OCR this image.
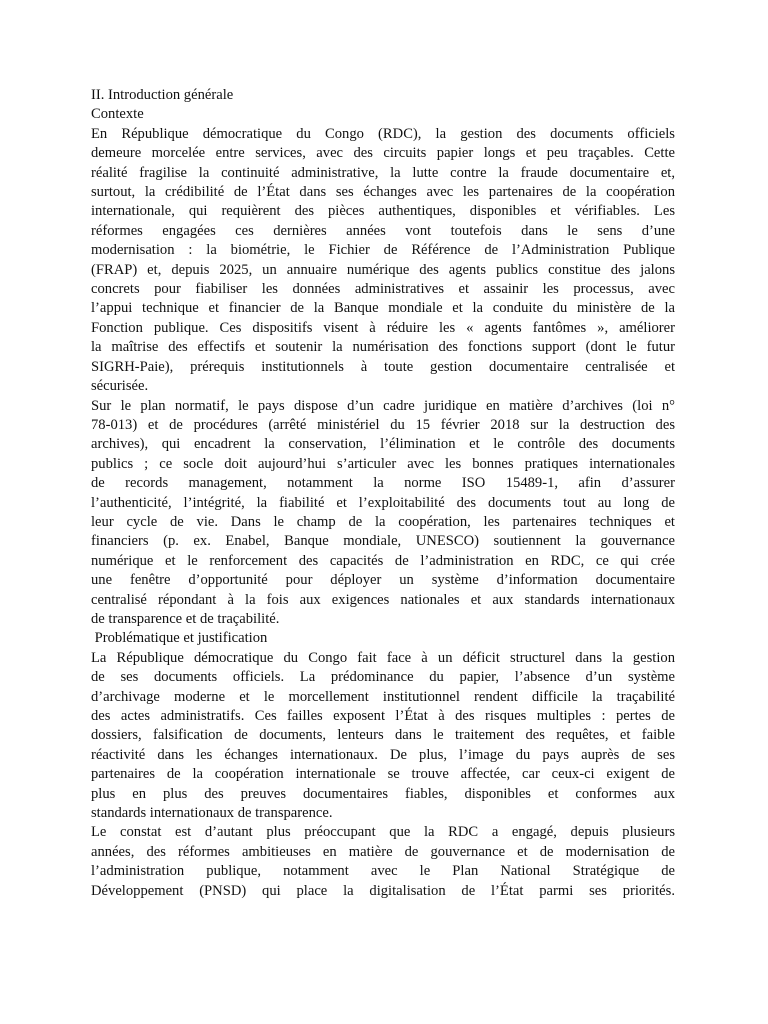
II. Introduction générale
Contexte
En République démocratique du Congo (RDC), la gestion des documents officiels
demeure morcelée entre services, avec des circuits papier longs et peu traçables. Cette
réalité fragilise la continuité administrative, la lutte contre la fraude documentaire et,
surtout, la crédibilité de l’État dans ses échanges avec les partenaires de la coopération
internationale, qui requièrent des pièces authentiques, disponibles et vérifiables. Les
réformes engagées ces dernières années vont toutefois dans le sens d’une
modernisation : la biométrie, le Fichier de Référence de l’Administration Publique
(FRAP) et, depuis 2025, un annuaire numérique des agents publics constitue des jalons
concrets pour fiabiliser les données administratives et assainir les processus, avec
l’appui technique et financier de la Banque mondiale et la conduite du ministère de la
Fonction publique. Ces dispositifs visent à réduire les « agents fantômes », améliorer
la maîtrise des effectifs et soutenir la numérisation des fonctions support (dont le futur
SIGRH-Paie), prérequis institutionnels à toute gestion documentaire centralisée et
sécurisée.
Sur le plan normatif, le pays dispose d’un cadre juridique en matière d’archives (loi n°
78-013) et de procédures (arrêté ministériel du 15 février 2018 sur la destruction des
archives), qui encadrent la conservation, l’élimination et le contrôle des documents
publics ; ce socle doit aujourd’hui s’articuler avec les bonnes pratiques internationales
de records management, notamment la norme ISO 15489-1, afin d’assurer
l’authenticité, l’intégrité, la fiabilité et l’exploitabilité des documents tout au long de
leur cycle de vie. Dans le champ de la coopération, les partenaires techniques et
financiers (p. ex. Enabel, Banque mondiale, UNESCO) soutiennent la gouvernance
numérique et le renforcement des capacités de l’administration en RDC, ce qui crée
une fenêtre d’opportunité pour déployer un système d’information documentaire
centralisé répondant à la fois aux exigences nationales et aux standards internationaux
de transparence et de traçabilité.
Problématique et justification
La République démocratique du Congo fait face à un déficit structurel dans la gestion
de ses documents officiels. La prédominance du papier, l’absence d’un système
d’archivage moderne et le morcellement institutionnel rendent difficile la traçabilité
des actes administratifs. Ces failles exposent l’État à des risques multiples : pertes de
dossiers, falsification de documents, lenteurs dans le traitement des requêtes, et faible
réactivité dans les échanges internationaux. De plus, l’image du pays auprès de ses
partenaires de la coopération internationale se trouve affectée, car ceux-ci exigent de
plus en plus des preuves documentaires fiables, disponibles et conformes aux
standards internationaux de transparence.
Le constat est d’autant plus préoccupant que la RDC a engagé, depuis plusieurs
années, des réformes ambitieuses en matière de gouvernance et de modernisation de
l’administration publique, notamment avec le Plan National Stratégique de
Développement (PNSD) qui place la digitalisation de l’État parmi ses priorités.
